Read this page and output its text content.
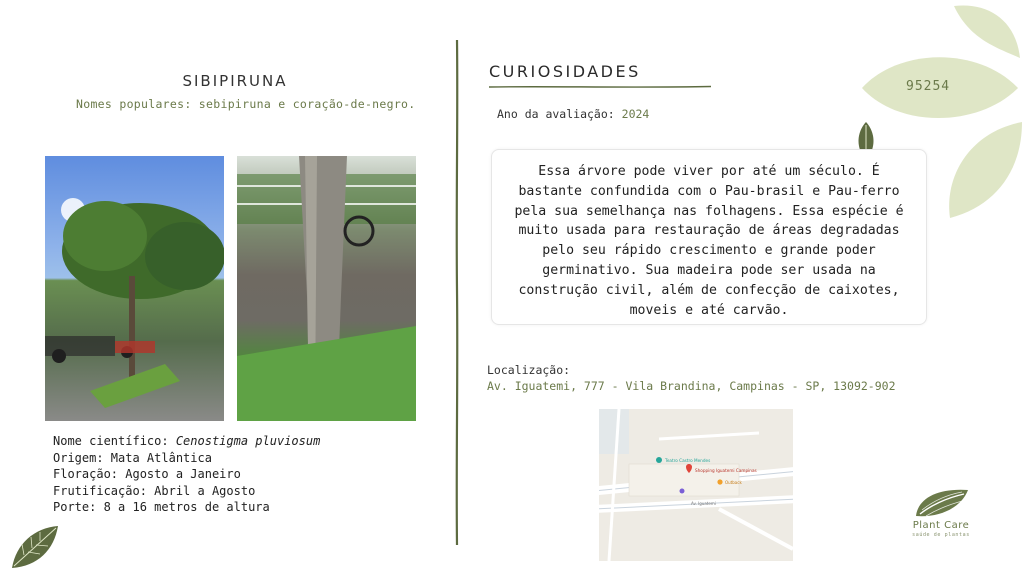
95254
SIBIPIRUNA
Nomes populares: sebipiruna e coração-de-negro.
Nome científico: Cenostigma pluviosum
Origem: Mata Atlântica
Floração: Agosto a Janeiro
Frutificação: Abril a Agosto
Porte: 8 a 16 metros de altura
CURIOSIDADES
Ano da avaliação: 2024
Essa árvore pode viver por até um século. É bastante confundida com o Pau-brasil e Pau-ferro pela sua semelhança nas folhagens. Essa espécie é muito usada para restauração de áreas degradadas pelo seu rápido crescimento e grande poder germinativo. Sua madeira pode ser usada na construção civil, além de confecção de caixotes, moveis e até carvão.
Localização:
Av. Iguatemi, 777 - Vila Brandina, Campinas - SP, 13092-902
Teatro Castro Mendes
Shopping Iguatemi Campinas
Outback
Av. Iguatemi
Plant Care
saúde de plantas
